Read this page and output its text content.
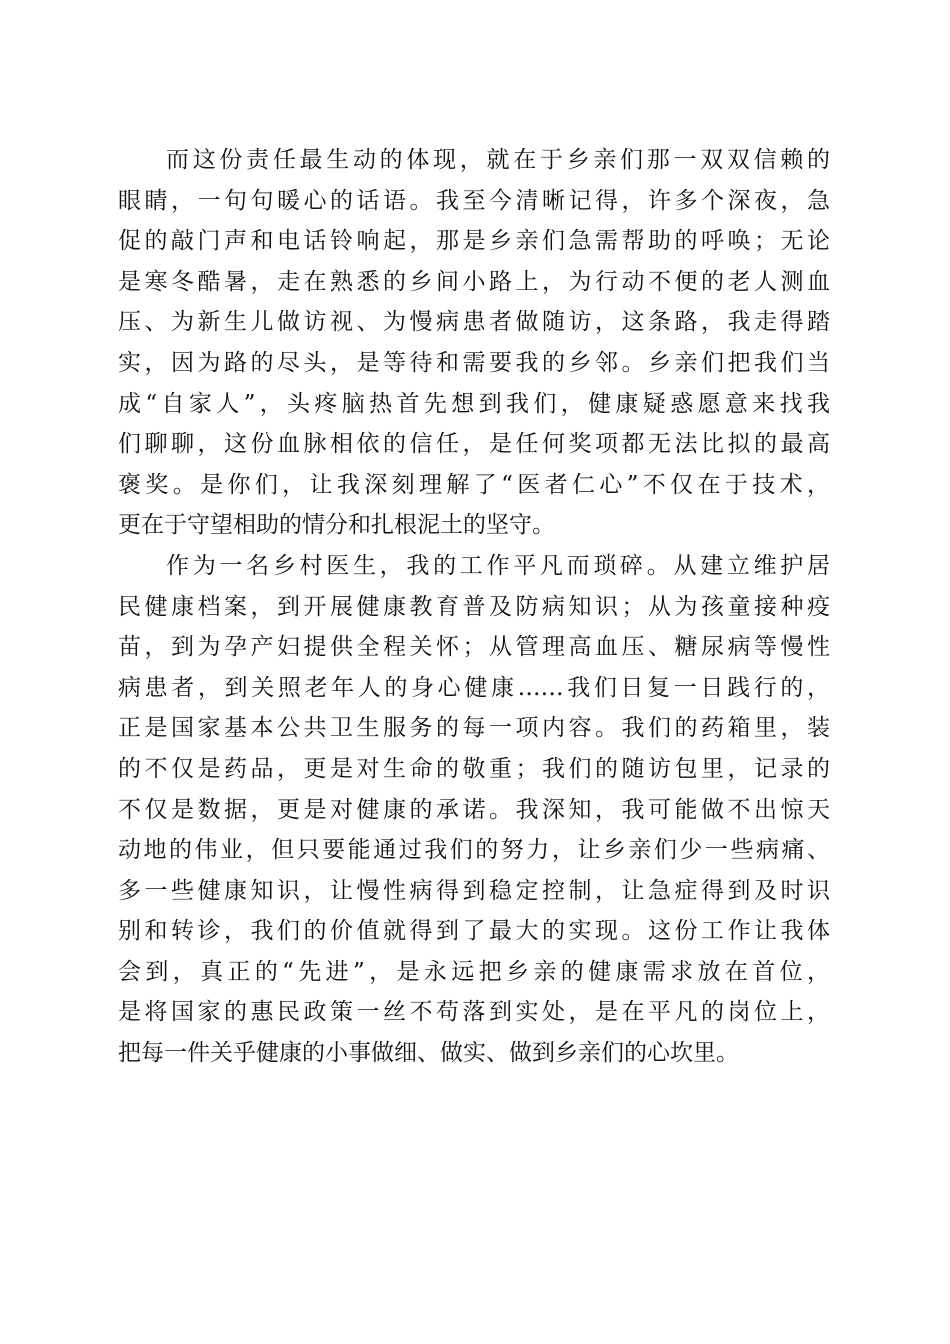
而这份责任最生动的体现，就在于乡亲们那一双双信赖的
眼睛，一句句暖心的话语。我至今清晰记得，许多个深夜，急
促的敲门声和电话铃响起，那是乡亲们急需帮助的呼唤；无论
是寒冬酷暑，走在熟悉的乡间小路上，为行动不便的老人测血
压、为新生儿做访视、为慢病患者做随访，这条路，我走得踏
实，因为路的尽头，是等待和需要我的乡邻。乡亲们把我们当
成“自家人”，头疼脑热首先想到我们，健康疑惑愿意来找我
们聊聊，这份血脉相依的信任，是任何奖项都无法比拟的最高
褒奖。是你们，让我深刻理解了“医者仁心”不仅在于技术，
更在于守望相助的情分和扎根泥土的坚守。
作为一名乡村医生，我的工作平凡而琐碎。从建立维护居
民健康档案，到开展健康教育普及防病知识；从为孩童接种疫
苗，到为孕产妇提供全程关怀；从管理高血压、糖尿病等慢性
病患者，到关照老年人的身心健康……我们日复一日践行的，
正是国家基本公共卫生服务的每一项内容。我们的药箱里，装
的不仅是药品，更是对生命的敬重；我们的随访包里，记录的
不仅是数据，更是对健康的承诺。我深知，我可能做不出惊天
动地的伟业，但只要能通过我们的努力，让乡亲们少一些病痛、
多一些健康知识，让慢性病得到稳定控制，让急症得到及时识
别和转诊，我们的价值就得到了最大的实现。这份工作让我体
会到，真正的“先进”，是永远把乡亲的健康需求放在首位，
是将国家的惠民政策一丝不苟落到实处，是在平凡的岗位上，
把每一件关乎健康的小事做细、做实、做到乡亲们的心坎里。
